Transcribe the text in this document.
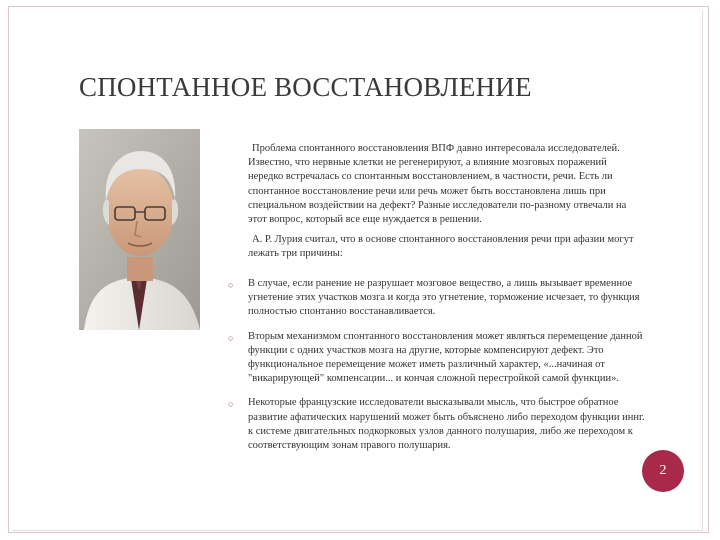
СПОНТАННОЕ ВОССТАНОВЛЕНИЕ

Проблема спонтанного восстановления ВПФ давно интересовала исследователей. Известно, что нервные клетки не регенерируют, а влияние мозговых поражений нередко встречалась со спонтанным восстановлением, в частности, речи. Есть ли спонтанное восстановление речи или речь может быть восстановлена лишь при специальном воздействии на дефект? Разные исследователи по-разному отвечали на этот вопрос, который все еще нуждается в решении.

А. Р. Лурия считал, что в основе спонтанного восстановления речи при афазии могут лежать три причины:

○ В случае, если ранение не разрушает мозговое вещество, а лишь вызывает временное угнетение этих участков мозга и когда это угнетение, торможение исчезает, то функция полностью спонтанно восстанавливается.
○ Вторым механизмом спонтанного восстановления может являться перемещение данной функции с одних участков мозга на другие, которые компенсируют дефект. Это функциональное перемещение может иметь различный характер, «...начиная от "викарирующей" компенсации... и кончая сложной перестройкой самой функции».
○ Некоторые французские исследователи высказывали мысль, что быстрое обратное развитие афатических нарушений может быть объяснено либо переходом функции иннг. к системе двигательных подкорковых узлов данного полушария, либо же переходом к соответствующим зонам правого полушария.
2
